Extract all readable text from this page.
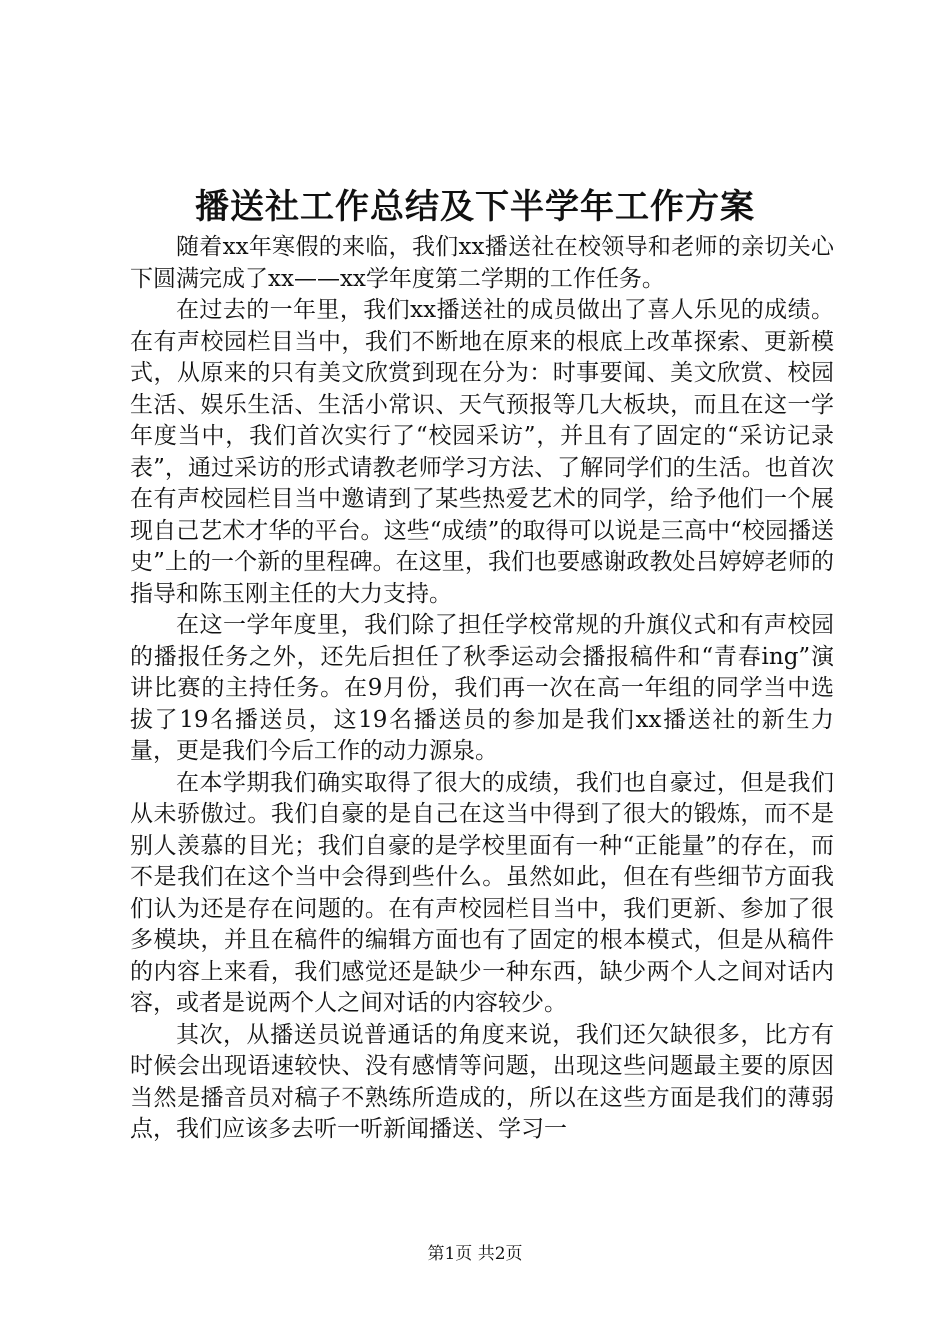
播送社工作总结及下半学年工作方案

随着xx年寒假的来临，我们xx播送社在校领导和老师的亲切关心下圆满完成了xx——xx学年度第二学期的工作任务。

在过去的一年里，我们xx播送社的成员做出了喜人乐见的成绩。在有声校园栏目当中，我们不断地在原来的根底上改革探索、更新模式，从原来的只有美文欣赏到现在分为：时事要闻、美文欣赏、校园生活、娱乐生活、生活小常识、天气预报等几大板块，而且在这一学年度当中，我们首次实行了“校园采访”，并且有了固定的“采访记录表”，通过采访的形式请教老师学习方法、了解同学们的生活。也首次在有声校园栏目当中邀请到了某些热爱艺术的同学，给予他们一个展现自己艺术才华的平台。这些“成绩”的取得可以说是三高中“校园播送史”上的一个新的里程碑。在这里，我们也要感谢政教处吕婷婷老师的指导和陈玉刚主任的大力支持。

在这一学年度里，我们除了担任学校常规的升旗仪式和有声校园的播报任务之外，还先后担任了秋季运动会播报稿件和“青春ing”演讲比赛的主持任务。在9月份，我们再一次在高一年组的同学当中选拔了19名播送员，这19名播送员的参加是我们xx播送社的新生力量，更是我们今后工作的动力源泉。

在本学期我们确实取得了很大的成绩，我们也自豪过，但是我们从未骄傲过。我们自豪的是自己在这当中得到了很大的锻炼，而不是别人羡慕的目光；我们自豪的是学校里面有一种“正能量”的存在，而不是我们在这个当中会得到些什么。虽然如此，但在有些细节方面我们认为还是存在问题的。在有声校园栏目当中，我们更新、参加了很多模块，并且在稿件的编辑方面也有了固定的根本模式，但是从稿件的内容上来看，我们感觉还是缺少一种东西，缺少两个人之间对话内容，或者是说两个人之间对话的内容较少。

其次，从播送员说普通话的角度来说，我们还欠缺很多，比方有时候会出现语速较快、没有感情等问题，出现这些问题最主要的原因当然是播音员对稿子不熟练所造成的，所以在这些方面是我们的薄弱点，我们应该多去听一听新闻播送、学习一

第1页 共2页
